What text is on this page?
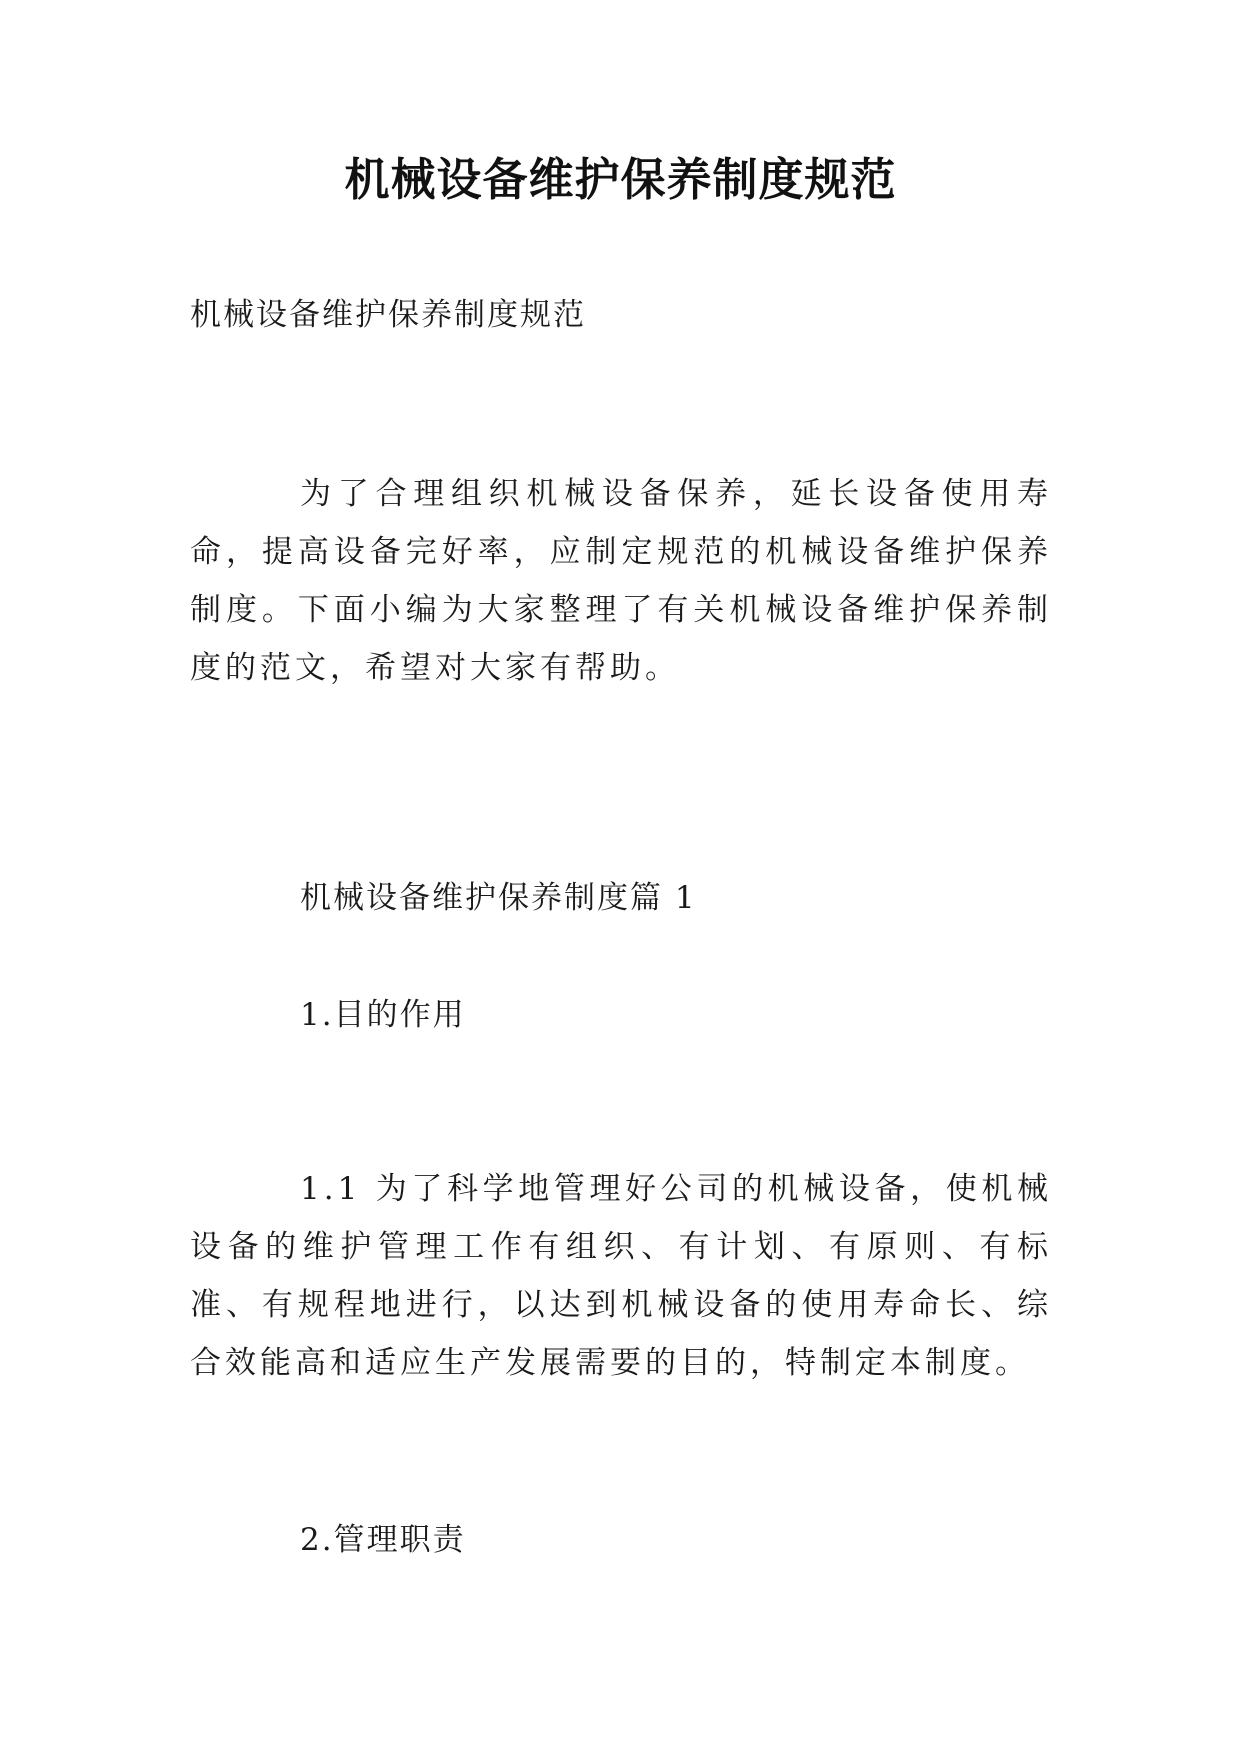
机械设备维护保养制度规范

机械设备维护保养制度规范

为了合理组织机械设备保养，延长设备使用寿命，提高设备完好率，应制定规范的机械设备维护保养制度。下面小编为大家整理了有关机械设备维护保养制度的范文，希望对大家有帮助。

机械设备维护保养制度篇 1

1.目的作用

1.1 为了科学地管理好公司的机械设备，使机械设备的维护管理工作有组织、有计划、有原则、有标准、有规程地进行，以达到机械设备的使用寿命长、综合效能高和适应生产发展需要的目的，特制定本制度。

2.管理职责
